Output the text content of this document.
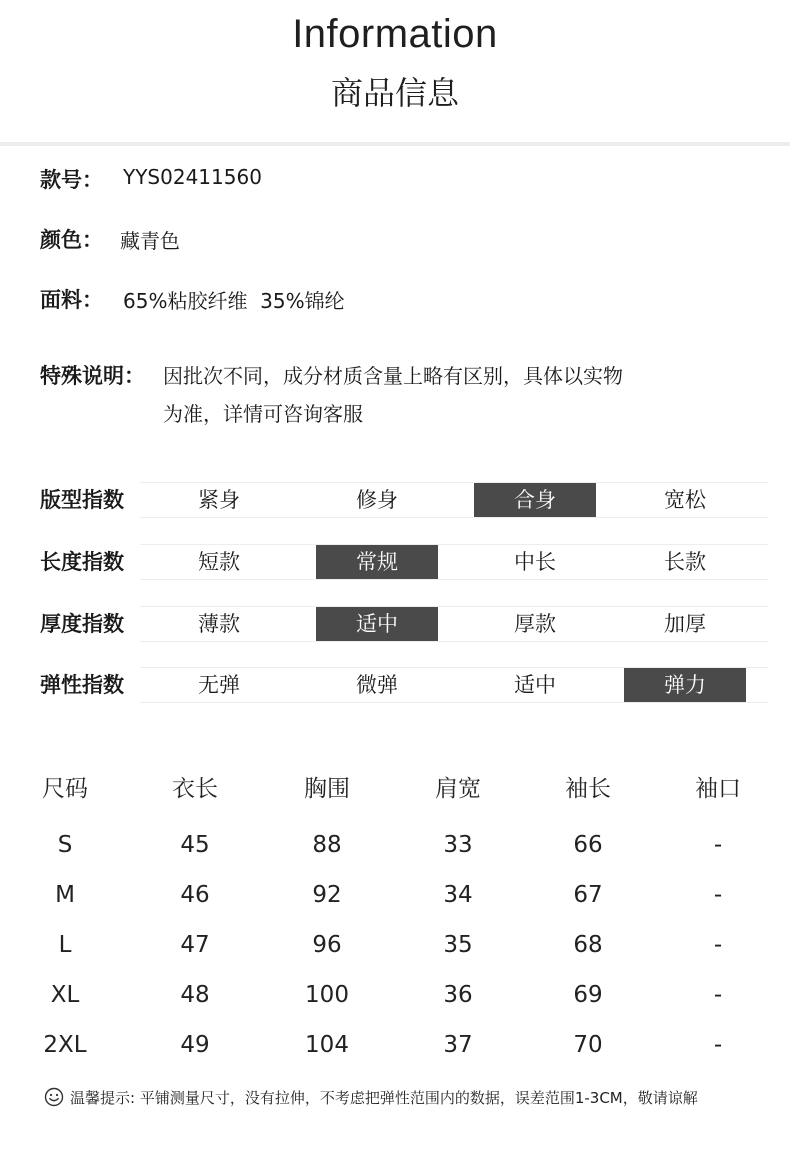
Information
商品信息
款号： YYS02411560
颜色： 藏青色
面料： 65%粘胶纤维  35%锦纶
特殊说明： 因批次不同，成分材质含量上略有区别，具体以实物
为准，详情可咨询客服
版型指数	紧身	修身	合身	宽松
长度指数	短款	常规	中长	长款
厚度指数	薄款	适中	厚款	加厚
弹性指数	无弹	微弹	适中	弹力
尺码	衣长	胸围	肩宽	袖长	袖口
S	45	88	33	66	-
M	46	92	34	67	-
L	47	96	35	68	-
XL	48	100	36	69	-
2XL	49	104	37	70	-
温馨提示: 平铺测量尺寸，没有拉伸，不考虑把弹性范围内的数据，误差范围1-3CM，敬请谅解
